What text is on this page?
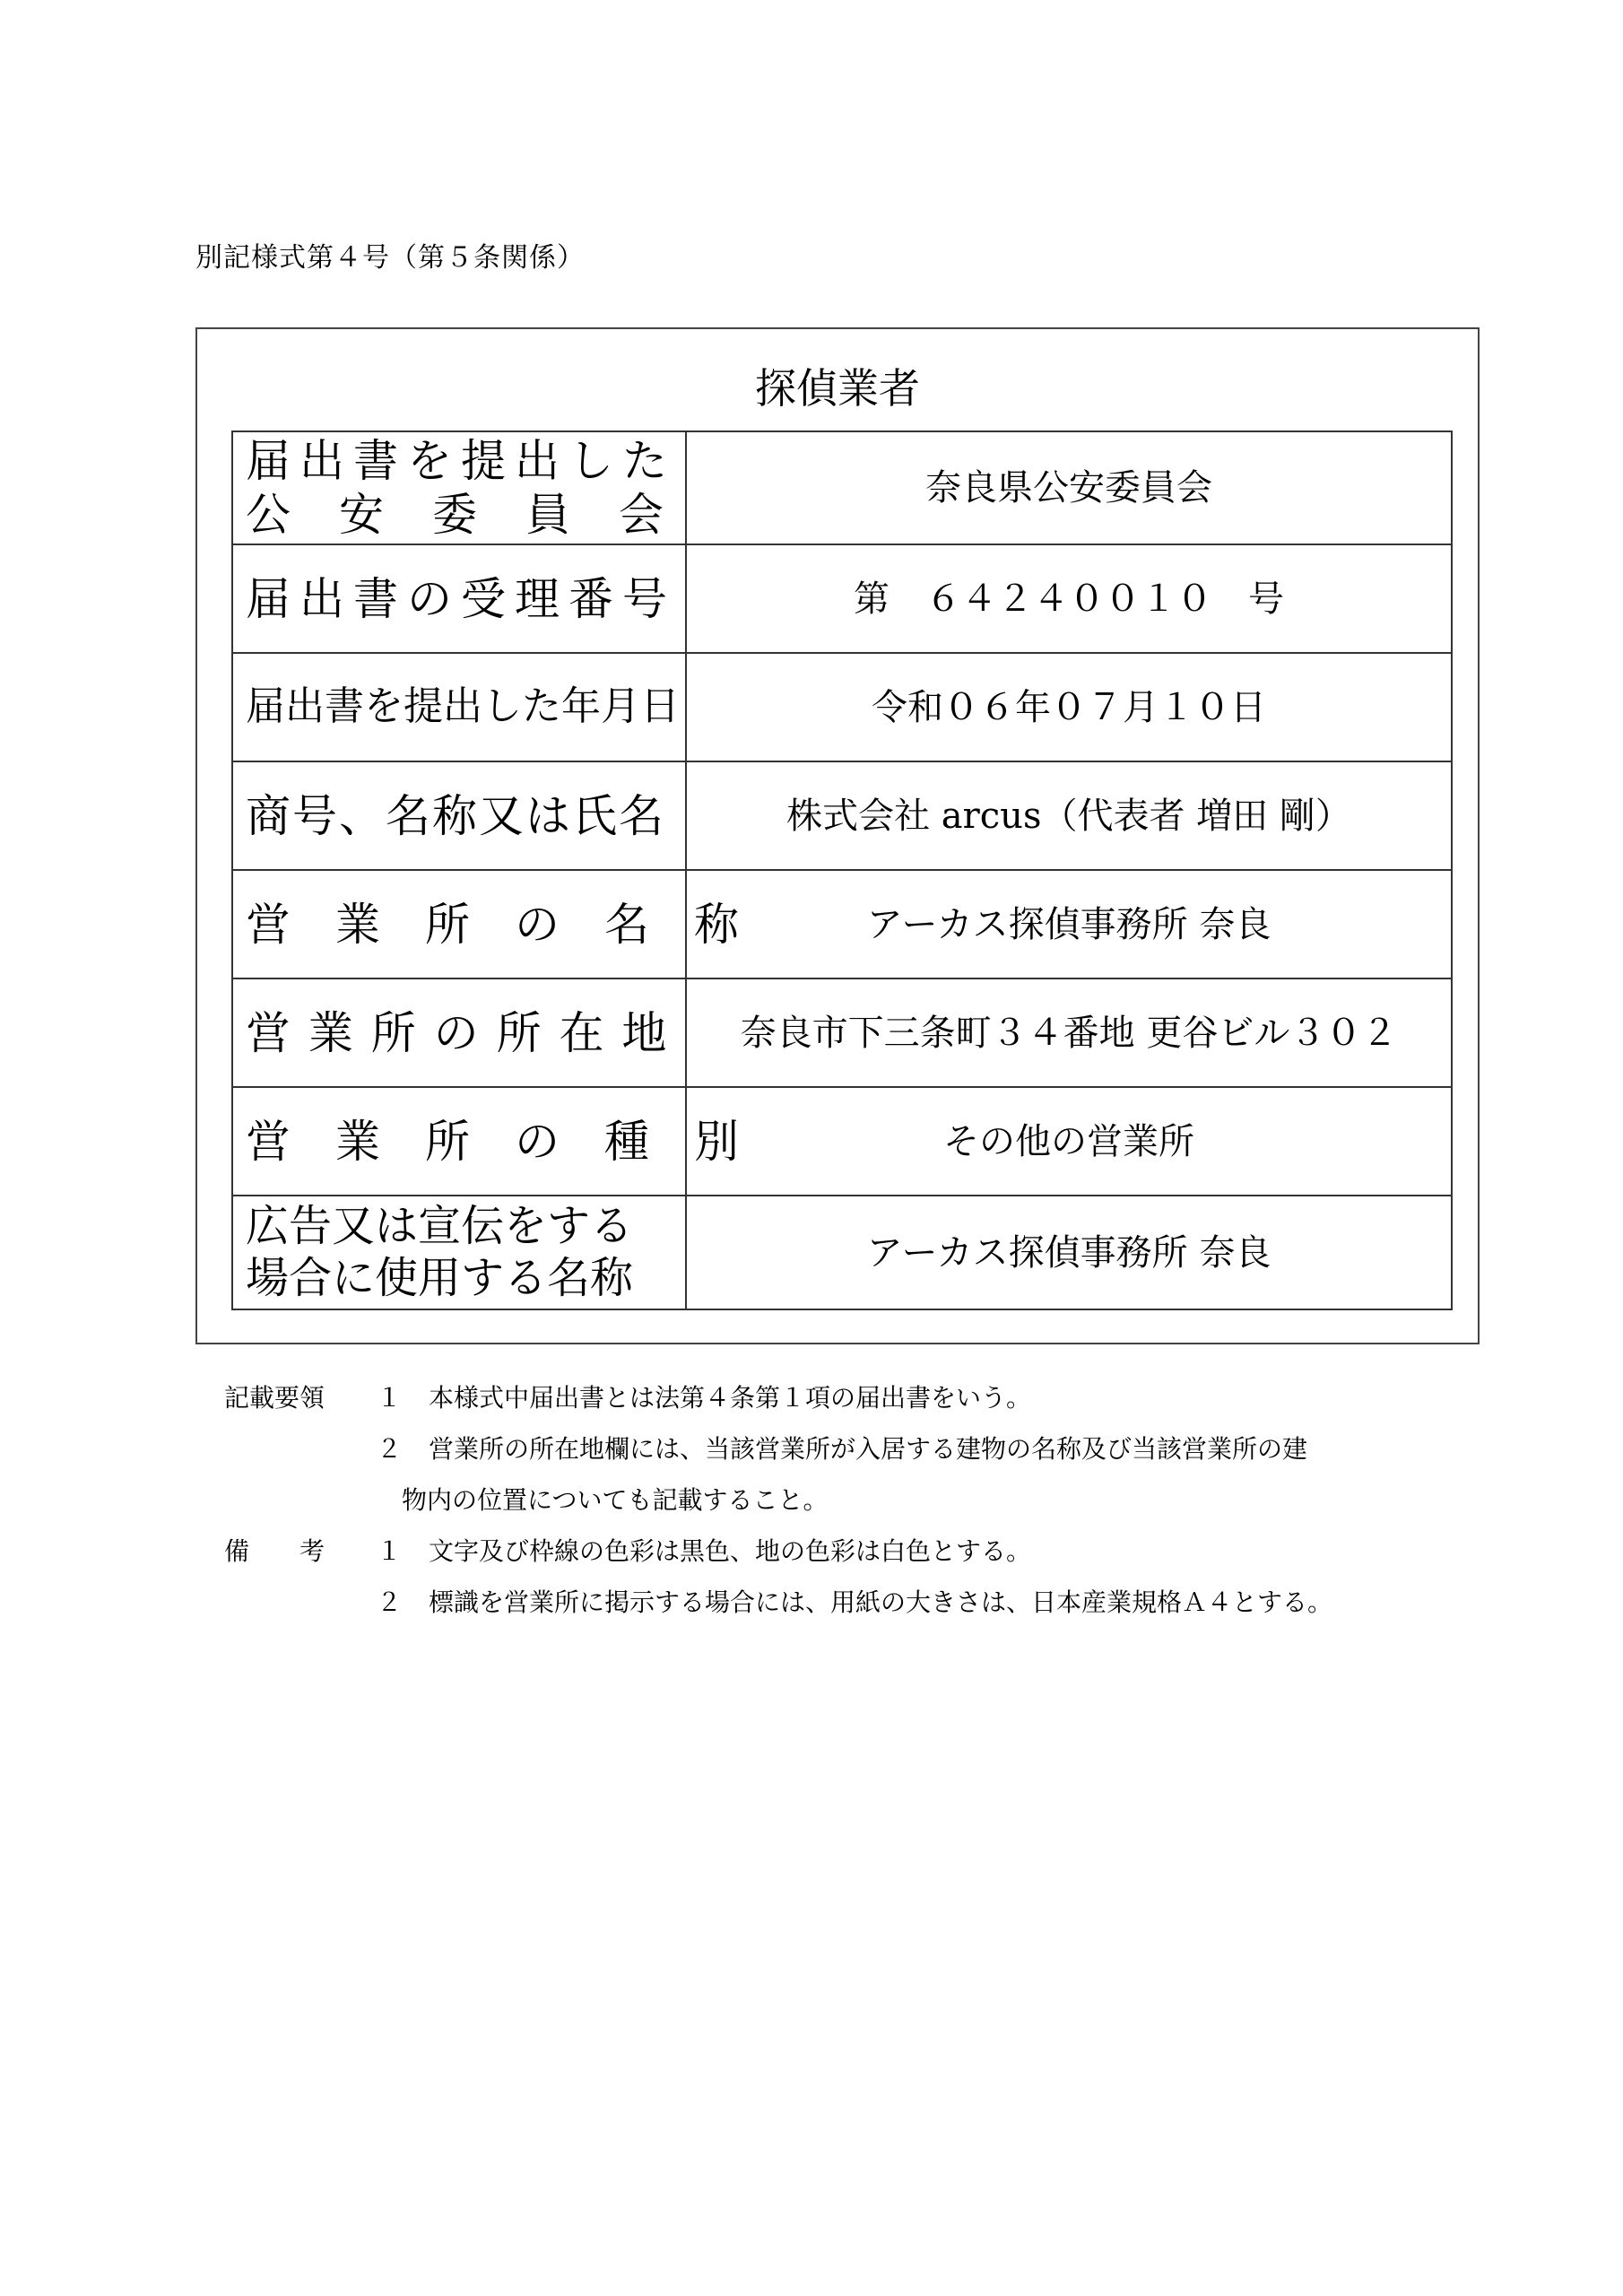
別記様式第４号（第５条関係）
探偵業者
届出書を提出した
公　安　委　員　会	奈良県公安委員会

届出書の受理番号	第　６４２４００１０　号

届出書を提出した年月日	令和０６年０７月１０日

商号、名称又は氏名	株式会社 arcus（代表者 増田 剛）

営　業　所　の　名　称	アーカス探偵事務所 奈良

営 業 所 の 所 在 地	奈良市下三条町３４番地 更谷ビル３０２

営　業　所　の　種　別	その他の営業所

広告又は宣伝をする
場合に使用する名称	アーカス探偵事務所 奈良
記載要領 １ 本様式中届出書とは法第４条第１項の届出書をいう。
２ 営業所の所在地欄には、当該営業所が入居する建物の名称及び当該営業所の建
物内の位置についても記載すること。
備　　考 １ 文字及び枠線の色彩は黒色、地の色彩は白色とする。
２ 標識を営業所に掲示する場合には、用紙の大きさは、日本産業規格Ａ４とする。
